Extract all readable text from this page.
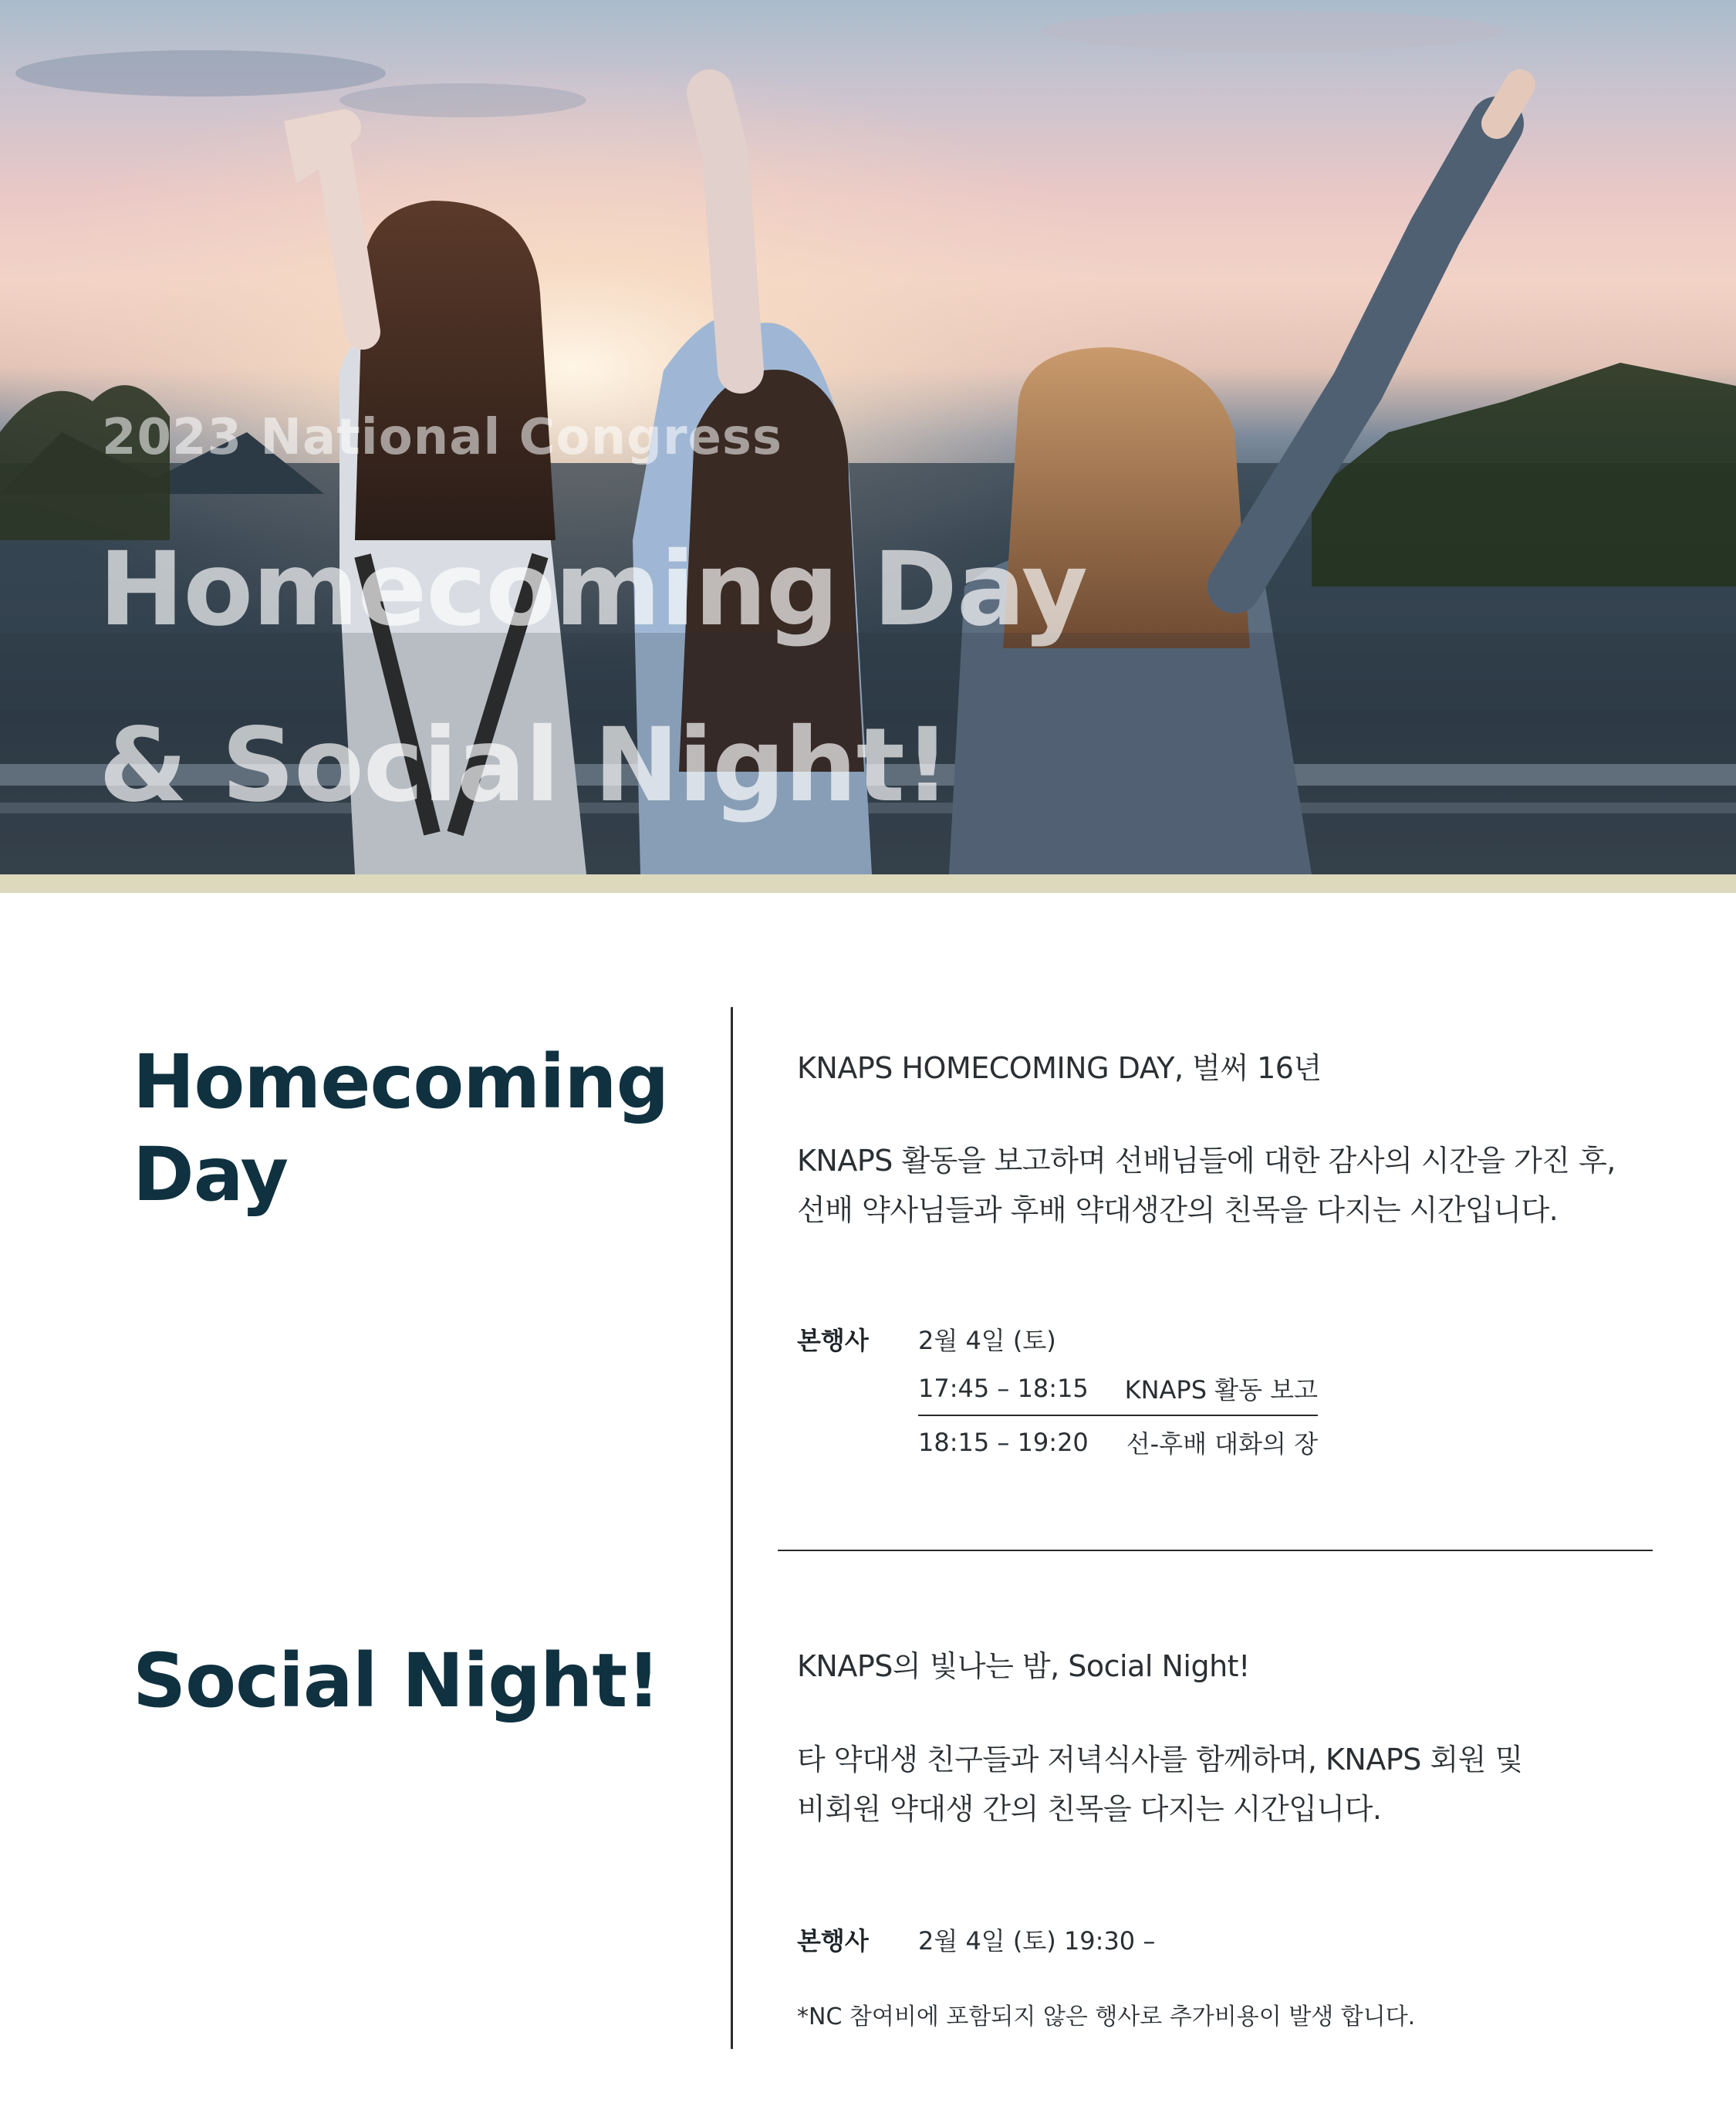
2023 National Congress

Homecoming Day
& Social Night!
Homecoming
Day

KNAPS HOMECOMING DAY, 벌써 16년

KNAPS 활동을 보고하며 선배님들에 대한 감사의 시간을 가진 후,
선배 약사님들과 후배 약대생간의 친목을 다지는 시간입니다.

본행사 2월 4일 (토)

17:45 – 18:15	KNAPS 활동 보고
18:15 – 19:20	선-후배 대화의 장
Social Night!	KNAPS의 빛나는 밤, Social Night!

타 약대생 친구들과 저녁식사를 함께하며, KNAPS 회원 및
비회원 약대생 간의 친목을 다지는 시간입니다.

본행사 2월 4일 (토) 19:30 –

*NC 참여비에 포함되지 않은 행사로 추가비용이 발생 합니다.
